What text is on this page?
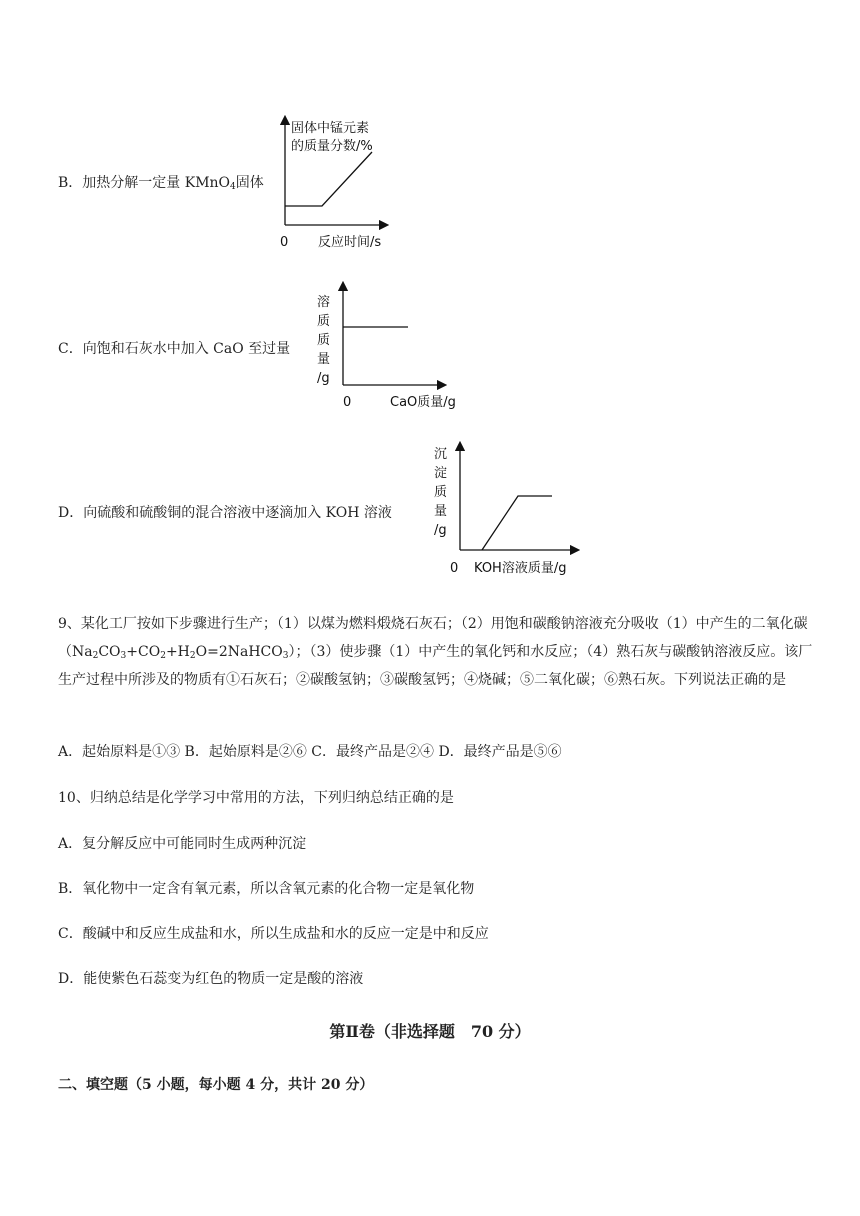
B．加热分解一定量 KMnO$_4$固体
固体中锰元素
的质量分数/%
0 反应时间/s
C．向饱和石灰水中加入 CaO 至过量
溶
质
质
量
/g
0	CaO质量/g
D．向硫酸和硫酸铜的混合溶液中逐滴加入 KOH 溶液
沉
淀
质
量
/g
0 KOH溶液质量/g

9、某化工厂按如下步骤进行生产；（1）以煤为燃料煅烧石灰石；（2）用饱和碳酸钠溶液充分吸收（1）中产生的二氧化碳$(Na_2CO_3+CO_2+H_2O=2NaHCO_3)$；（3）使步骤（1）中产生的氧化钙和水反应；（4）熟石灰与碳酸钠溶液反应。该厂生产过程中所涉及的物质有①石灰石；②碳酸氢钠；③碳酸氢钙；④烧碱；⑤二氧化碳；⑥熟石灰。下列说法正确的是

A．起始原料是①③ B．起始原料是②⑥ C．最终产品是②④ D．最终产品是⑤⑥
10、归纳总结是化学学习中常用的方法，下列归纳总结正确的是
A．复分解反应中可能同时生成两种沉淀
B．氧化物中一定含有氧元素，所以含氧元素的化合物一定是氧化物
C．酸碱中和反应生成盐和水，所以生成盐和水的反应一定是中和反应
D．能使紫色石蕊变为红色的物质一定是酸的溶液
第Ⅱ卷（非选择题　70 分）
二、填空题（5 小题，每小题 4 分，共计 20 分）
